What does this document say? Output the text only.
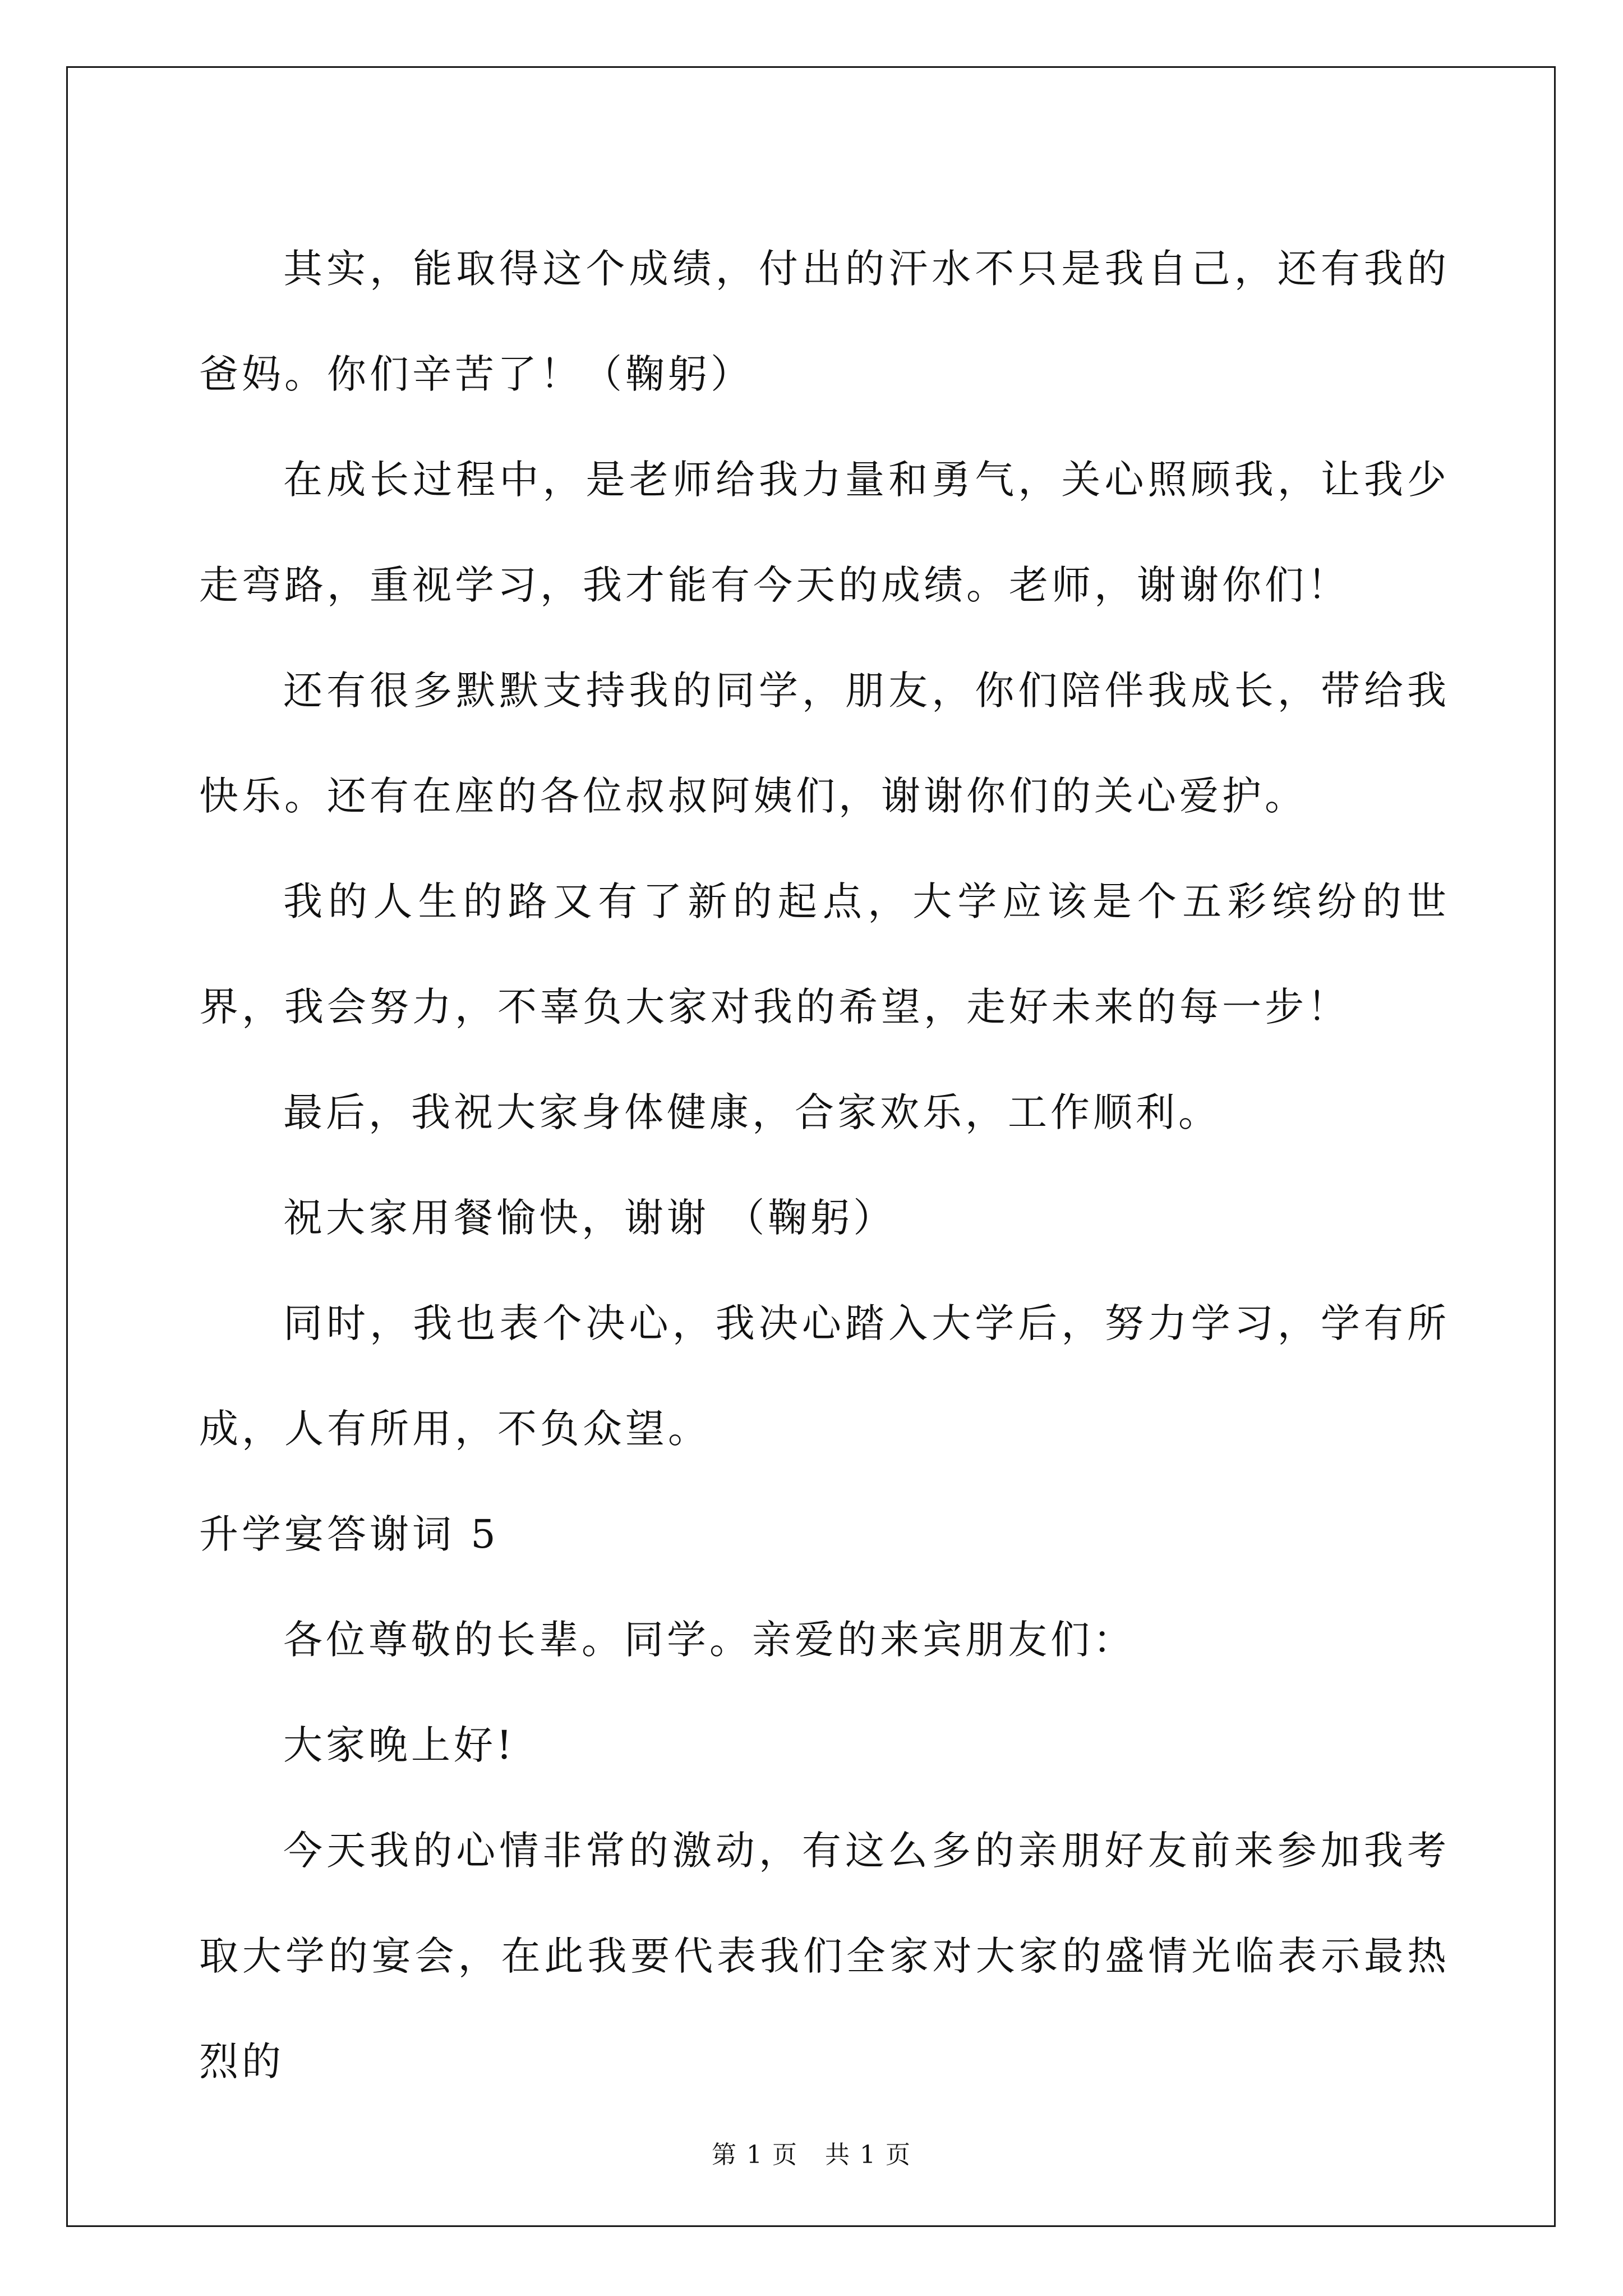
其实，能取得这个成绩，付出的汗水不只是我自己，还有我的爸妈。你们辛苦了！（鞠躬）

在成长过程中，是老师给我力量和勇气，关心照顾我，让我少走弯路，重视学习，我才能有今天的成绩。老师，谢谢你们！

还有很多默默支持我的同学，朋友，你们陪伴我成长，带给我快乐。还有在座的各位叔叔阿姨们，谢谢你们的关心爱护。

我的人生的路又有了新的起点，大学应该是个五彩缤纷的世界，我会努力，不辜负大家对我的希望，走好未来的每一步！

最后，我祝大家身体健康，合家欢乐，工作顺利。

祝大家用餐愉快，谢谢 （鞠躬）

同时，我也表个决心，我决心踏入大学后，努力学习，学有所成，人有所用，不负众望。

升学宴答谢词 5

各位尊敬的长辈。同学。亲爱的来宾朋友们：

大家晚上好!

今天我的心情非常的激动，有这么多的亲朋好友前来参加我考取大学的宴会，在此我要代表我们全家对大家的盛情光临表示最热烈的

第 1 页 共 1 页
